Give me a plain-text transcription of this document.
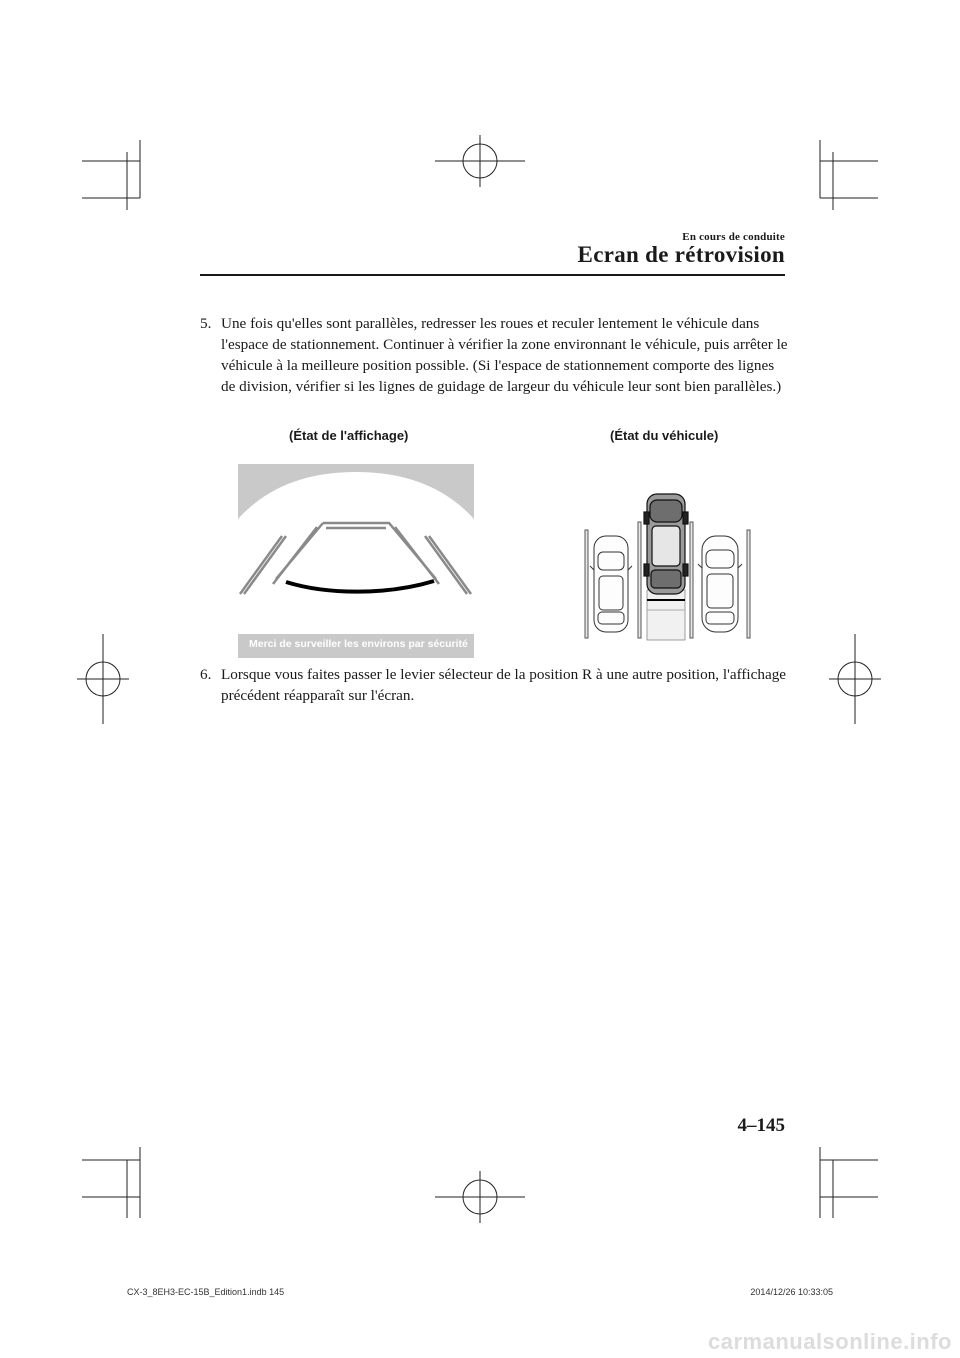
En cours de conduite
Ecran de rétrovision
5. Une fois qu'elles sont parallèles, redresser les roues et reculer lentement le véhicule dans l'espace de stationnement. Continuer à vérifier la zone environnant le véhicule, puis arrêter le véhicule à la meilleure position possible. (Si l'espace de stationnement comporte des lignes de division, vérifier si les lignes de guidage de largeur du véhicule leur sont bien parallèles.)
(État de l'affichage)	(État du véhicule)
Merci de surveiller les environs par sécurité
6. Lorsque vous faites passer le levier sélecteur de la position R à une autre position, l'affichage précédent réapparaît sur l'écran.
4–145
CX-3_8EH3-EC-15B_Edition1.indb 145	2014/12/26 10:33:05
carmanualsonline.info
